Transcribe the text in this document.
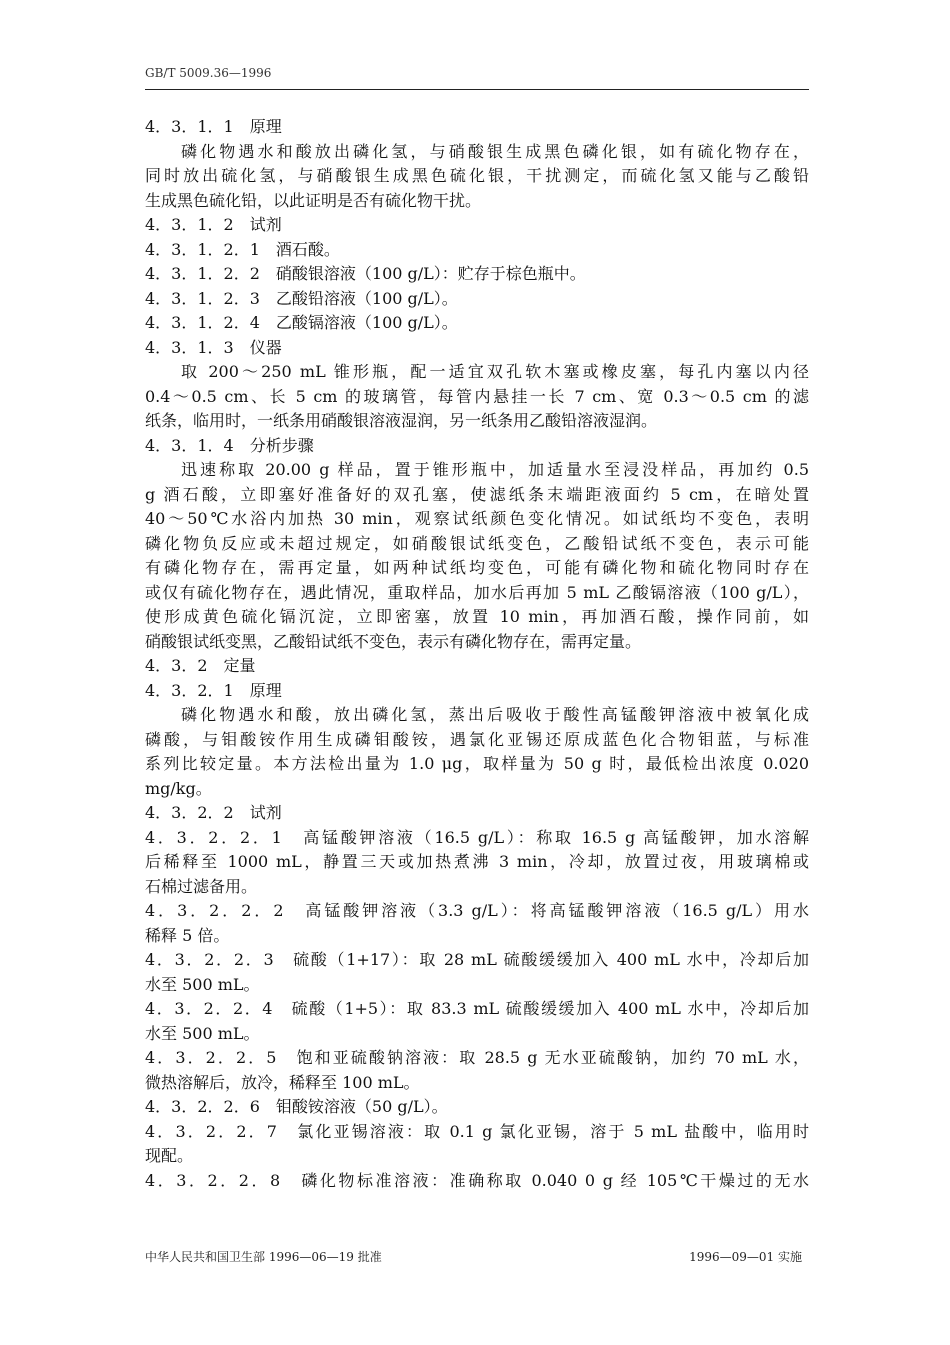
GB/T 5009.36—1996
4．3．1．1　原理
磷化物遇水和酸放出磷化氢，与硝酸银生成黑色磷化银，如有硫化物存在，
同时放出硫化氢，与硝酸银生成黑色硫化银，干扰测定，而硫化氢又能与乙酸铅
生成黑色硫化铅，以此证明是否有硫化物干扰。
4．3．1．2　试剂
4．3．1．2．1　酒石酸。
4．3．1．2．2　硝酸银溶液（100 g/L）：贮存于棕色瓶中。
4．3．1．2．3　乙酸铅溶液（100 g/L）。
4．3．1．2．4　乙酸镉溶液（100 g/L）。
4．3．1．3　仪器
取 200～250 mL 锥形瓶，配一适宜双孔软木塞或橡皮塞，每孔内塞以内径
0.4～0.5 cm、长 5 cm 的玻璃管，每管内悬挂一长 7 cm、宽 0.3～0.5 cm 的滤
纸条，临用时，一纸条用硝酸银溶液湿润，另一纸条用乙酸铅溶液湿润。
4．3．1．4　分析步骤
迅速称取 20.00 g 样品，置于锥形瓶中，加适量水至浸没样品，再加约 0.5
g 酒石酸，立即塞好准备好的双孔塞，使滤纸条末端距液面约 5 cm，在暗处置
40～50℃水浴内加热 30 min，观察试纸颜色变化情况。如试纸均不变色，表明
磷化物负反应或未超过规定，如硝酸银试纸变色，乙酸铅试纸不变色，表示可能
有磷化物存在，需再定量，如两种试纸均变色，可能有磷化物和硫化物同时存在
或仅有硫化物存在，遇此情况，重取样品，加水后再加 5 mL 乙酸镉溶液（100 g/L），
使形成黄色硫化镉沉淀，立即密塞，放置 10 min，再加酒石酸，操作同前，如
硝酸银试纸变黑，乙酸铅试纸不变色，表示有磷化物存在，需再定量。
4．3．2　定量
4．3．2．1　原理
磷化物遇水和酸，放出磷化氢，蒸出后吸收于酸性高锰酸钾溶液中被氧化成
磷酸，与钼酸铵作用生成磷钼酸铵，遇氯化亚锡还原成蓝色化合物钼蓝，与标准
系列比较定量。本方法检出量为 1.0 μg，取样量为 50 g 时，最低检出浓度 0.020
mg/kg。
4．3．2．2　试剂
4．3．2．2．1　高锰酸钾溶液（16.5 g/L）：称取 16.5 g 高锰酸钾，加水溶解
后稀释至 1000 mL，静置三天或加热煮沸 3 min，冷却，放置过夜，用玻璃棉或
石棉过滤备用。
4．3．2．2．2　高锰酸钾溶液（3.3 g/L）：将高锰酸钾溶液（16.5 g/L）用水
稀释 5 倍。
4．3．2．2．3　硫酸（1+17）：取 28 mL 硫酸缓缓加入 400 mL 水中，冷却后加
水至 500 mL。
4．3．2．2．4　硫酸（1+5）：取 83.3 mL 硫酸缓缓加入 400 mL 水中，冷却后加
水至 500 mL。
4．3．2．2．5　饱和亚硫酸钠溶液：取 28.5 g 无水亚硫酸钠，加约 70 mL 水，
微热溶解后，放冷，稀释至 100 mL。
4．3．2．2．6　钼酸铵溶液（50 g/L）。
4．3．2．2．7　氯化亚锡溶液：取 0.1 g 氯化亚锡，溶于 5 mL 盐酸中，临用时
现配。
4．3．2．2．8　磷化物标准溶液：准确称取 0.040 0 g 经 105℃干燥过的无水
中华人民共和国卫生部 1996—06—19 批准	1996—09—01 实施
